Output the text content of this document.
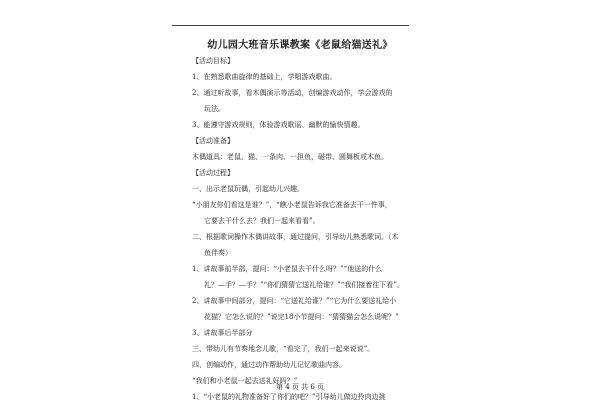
幼儿园大班音乐课教案《老鼠给猫送礼》
【活动目标】
1、在熟悉歌曲旋律的基础上，学唱游戏歌曲。
2、通过听故事，看木偶演示等活动，创编游戏动作，学会游戏的
玩法。
3、能遵守游戏规则，体验游戏歌谣、幽默的愉快情趣。
【活动准备】
木偶道具：老鼠、猫、一条肉、一担鱼，磁带、圆舞板或木鱼。
【活动过程】
一、出示老鼠玩偶，引起幼儿兴趣。
“小朋友你们看这是谁？”，“瞧小老鼠告诉我它准备去干一件事，
它要去干什么去？我们一起来看看”。
二、根据歌词操作木偶讲故事，通过提问，引导幼儿熟悉歌词。（木
鱼伴奏）
1、讲故事前半部，提问：“小老鼠去干什么呀？”“他送的什么
礼？—手？—手？”“你们猜猜它送礼给谁？”“我们接着往下看”。
2、讲故事中间部分，提问：“它送礼给谁？”“它为什么要送礼给小
花猫？它怎么说的？”说完18小节提问：“猜猜猫会怎么说呢？”
3、讲故事后半部分
三、带幼儿有节奏地念儿歌，“看完了，我们一起来说说”。
四、创编动作，通过动作帮助幼儿记忆歌曲内容。
“我们和小老鼠一起去送礼好吗？”
1、“小老鼠的礼物准备好了你们的吧？”引导幼儿做边拎肉边挑
第 4 页 共 6 页
